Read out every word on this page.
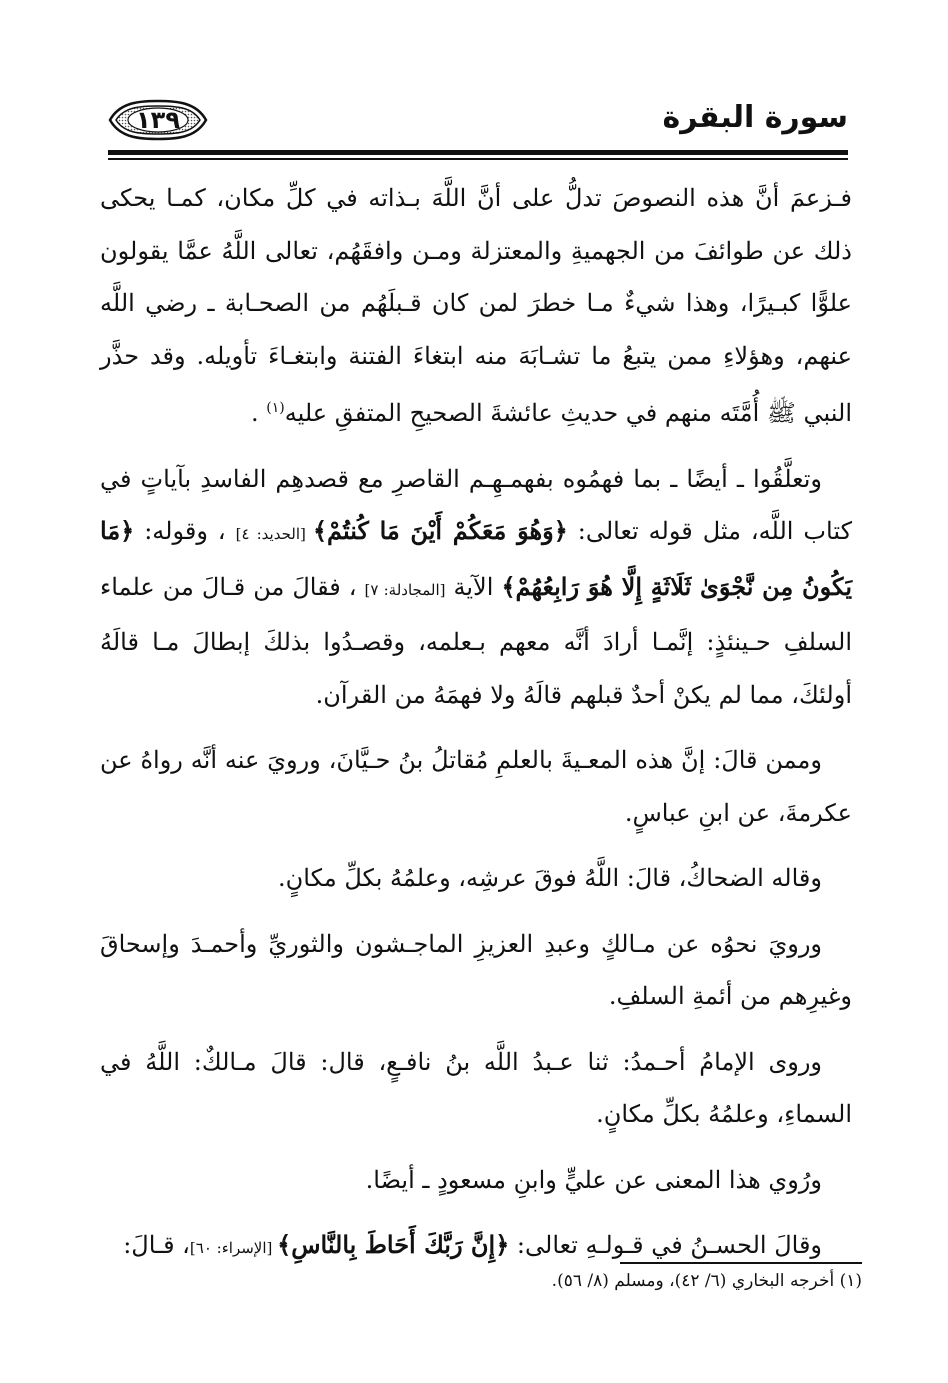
١٣٩	سورة البقرة

فـزعمَ أنَّ هذه النصوصَ تدلُّ على أنَّ اللَّهَ بـذاته في كلِّ مكان، كمـا يحكى ذلك عن طوائفَ من الجهميةِ والمعتزلة ومـن وافقَهُم، تعالى اللَّهُ عمَّا يقولون علوًّا كبـيرًا، وهذا شيءٌ مـا خطرَ لمن كان قـبلَهُم من الصحـابة ـ رضي اللَّه عنهم، وهؤلاءِ ممن يتبعُ ما تشـابَهَ منه ابتغاءَ الفتنة وابتغـاءَ تأويله. وقد حذَّر النبي ﷺ أُمَّتَه منهم في حديثِ عائشةَ الصحيحِ المتفقِ عليه$^{(١)}$ .

وتعلَّقُوا ـ أيضًا ـ بما فهمُوه بفهمـهِـم القاصرِ مع قصدهِم الفاسدِ بآياتٍ في كتاب اللَّه، مثل قوله تعالى: ﴿وَهُوَ مَعَكُمْ أَيْنَ مَا كُنتُمْ﴾ [الحديد: ٤] ، وقوله: ﴿مَا يَكُونُ مِن نَّجْوَىٰ ثَلَاثَةٍ إِلَّا هُوَ رَابِعُهُمْ﴾ الآية [المجادلة: ٧] ، فقالَ من قـالَ من علماء السلفِ حـينئذٍ: إنَّمـا أرادَ أنَّه معهم بـعلمه، وقصـدُوا بذلكَ إبطالَ مـا قالَهُ أولئكَ، مما لم يكنْ أحدٌ قبلهم قالَهُ ولا فهمَهُ من القرآن.

وممن قالَ: إنَّ هذه المعـيةَ بالعلمِ مُقاتلُ بنُ حـيَّانَ، ورويَ عنه أنَّه رواهُ عن عكرمةَ، عن ابنِ عباسٍ.

وقاله الضحاكُ، قالَ: اللَّهُ فوقَ عرشِه، وعلمُهُ بكلِّ مكانٍ.

ورويَ نحوُه عن مـالكٍ وعبدِ العزيزِ الماجـشون والثوريِّ وأحمـدَ وإسحاقَ وغيرِهم من أئمةِ السلفِ.

وروى الإمامُ أحـمدُ: ثنا عـبدُ اللَّه بنُ نافـعٍ، قال: قالَ مـالكٌ: اللَّهُ في السماءِ، وعلمُهُ بكلِّ مكانٍ.

ورُوي هذا المعنى عن عليٍّ وابنِ مسعودٍ ـ أيضًا.

وقالَ الحسـنُ في قـولـهِ تعالى: ﴿إِنَّ رَبَّكَ أَحَاطَ بِالنَّاسِ﴾ [الإسراء: ٦٠]، قـالَ:

(١) أخرجه البخاري (٦/ ٤٢)، ومسلم (٨/ ٥٦).
